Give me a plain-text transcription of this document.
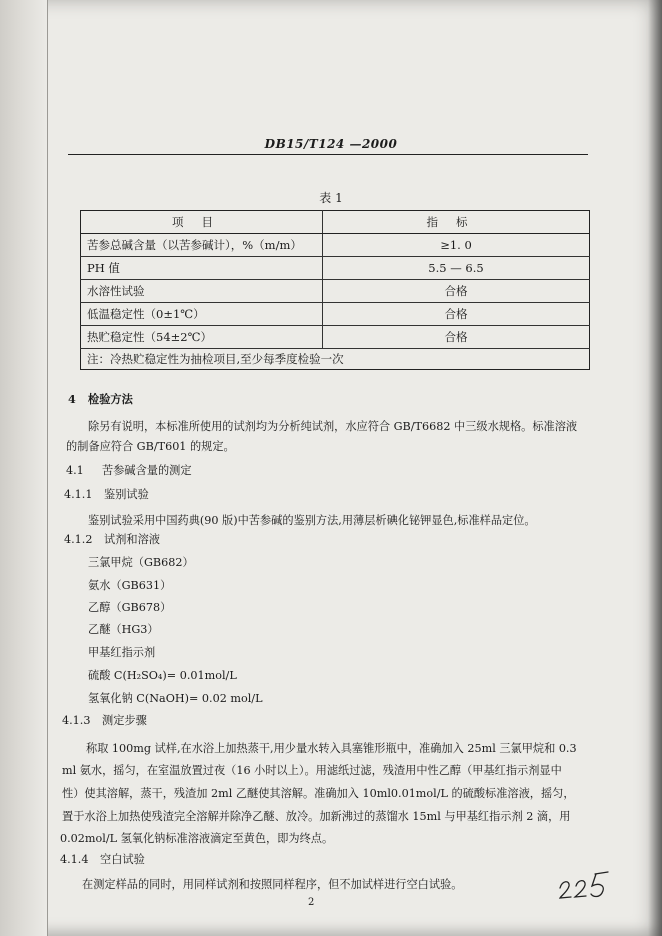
DB15/T124 —2000
表 1
项目	指标
苦参总碱含量（以苦参碱计），%（m/m）	≥1. 0
PH 值	5.5 — 6.5
水溶性试验	合格
低温稳定性（0±1℃）	合格
热贮稳定性（54±2℃）	合格
注：冷热贮稳定性为抽检项目,至少每季度检验一次	
4 检验方法
除另有说明，本标准所使用的试剂均为分析纯试剂，水应符合 GB/T6682 中三级水规格。标准溶液
的制备应符合 GB/T601 的规定。
4.1 苦参碱含量的测定
4.1.1 鉴别试验
鉴别试验采用中国药典(90 版)中苦参碱的鉴别方法,用薄层析碘化铋钾显色,标准样品定位。
4.1.2 试剂和溶液
三氯甲烷（GB682）
氨水（GB631）
乙醇（GB678）
乙醚（HG3）
甲基红指示剂
硫酸 C(H₂SO₄)= 0.01mol/L
氢氧化钠 C(NaOH)= 0.02 mol/L
4.1.3 测定步骤
称取 100mg 试样,在水浴上加热蒸干,用少量水转入具塞锥形瓶中，准确加入 25ml 三氯甲烷和 0.3
ml 氨水，摇匀，在室温放置过夜（16 小时以上）。用滤纸过滤，残渣用中性乙醇（甲基红指示剂显中
性）使其溶解，蒸干，残渣加 2ml 乙醚使其溶解。准确加入 10ml0.01mol/L 的硫酸标准溶液，摇匀，
置于水浴上加热使残渣完全溶解并除净乙醚、放冷。加新沸过的蒸馏水 15ml 与甲基红指示剂 2 滴，用
0.02mol/L 氢氧化钠标准溶液滴定至黄色，即为终点。
4.1.4 空白试验
在测定样品的同时，用同样试剂和按照同样程序，但不加试样进行空白试验。
2
